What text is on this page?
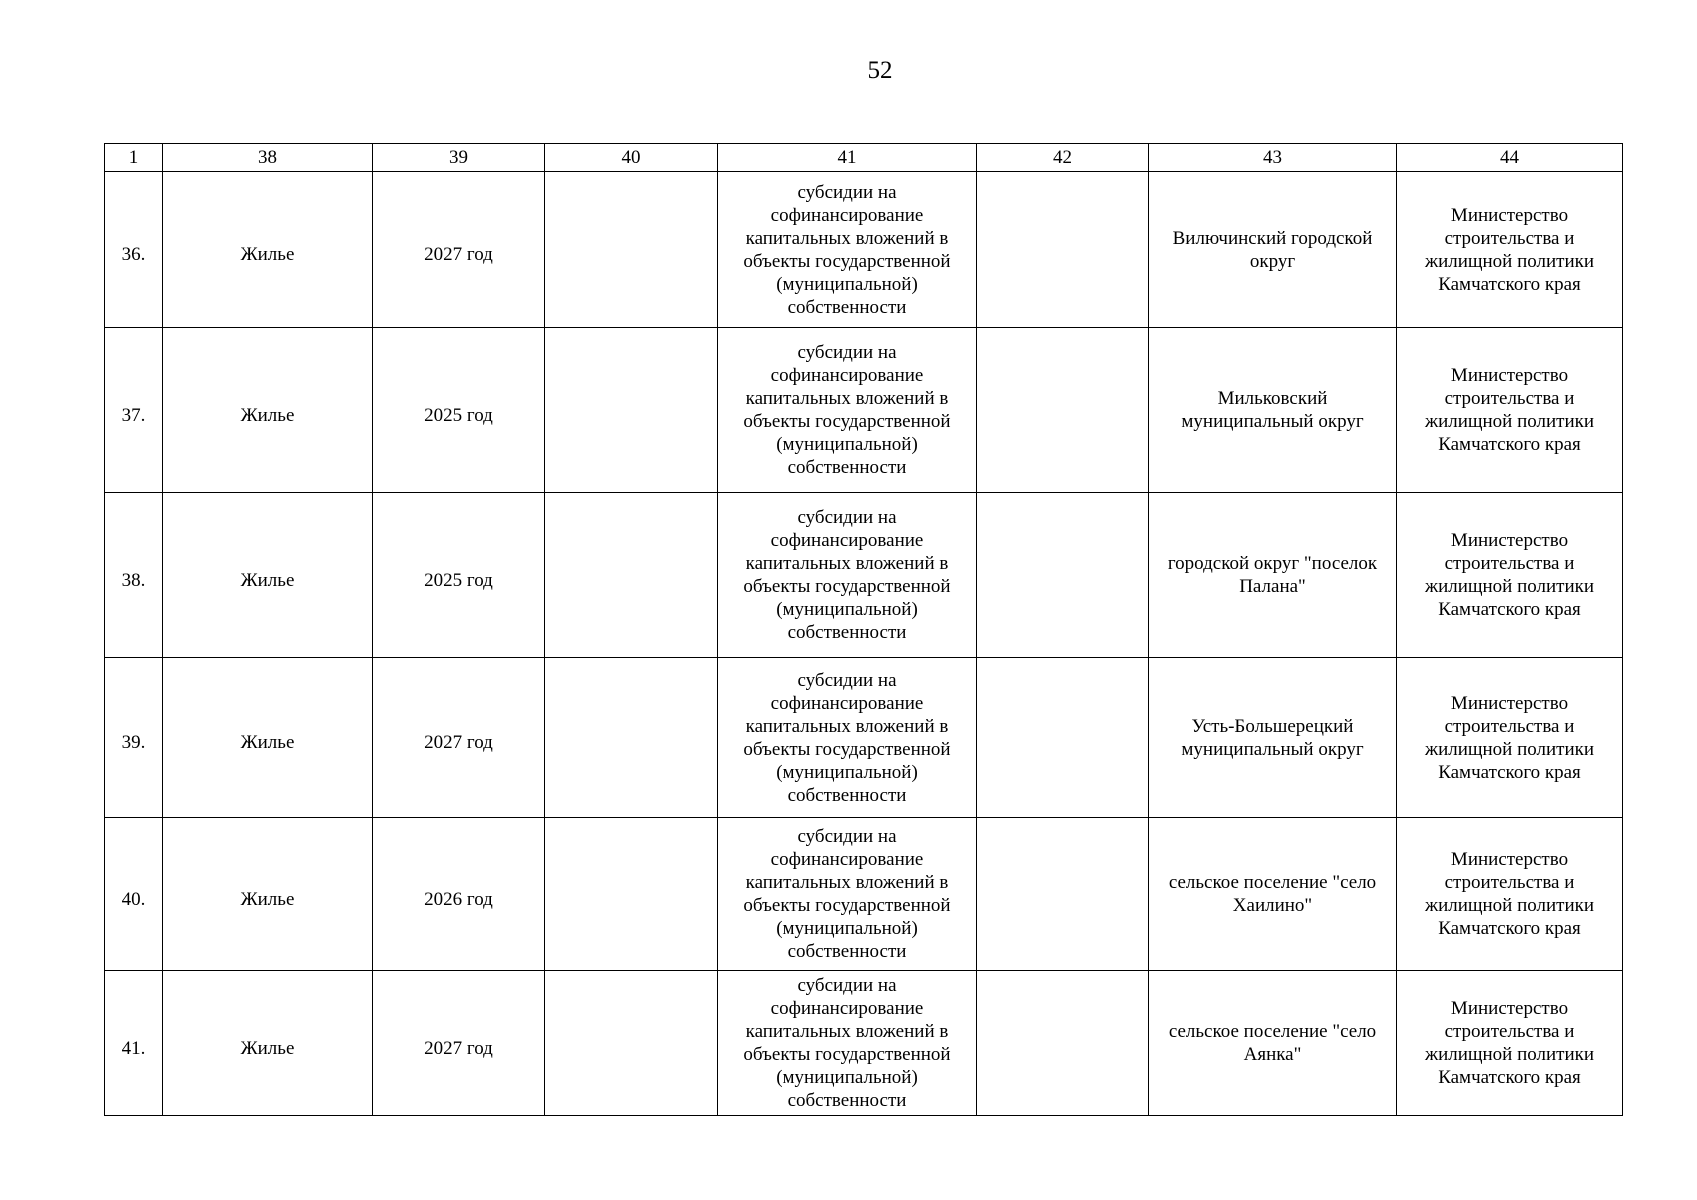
52
1	38	39	40	41	42	43	44
36.	Жилье	2027 год		субсидии на софинансирование капитальных вложений в объекты государственной (муниципальной) собственности		Вилючинский городской округ	Министерство строительства и жилищной политики Камчатского края
37.	Жилье	2025 год		субсидии на софинансирование капитальных вложений в объекты государственной (муниципальной) собственности		Мильковский муниципальный округ	Министерство строительства и жилищной политики Камчатского края
38.	Жилье	2025 год		субсидии на софинансирование капитальных вложений в объекты государственной (муниципальной) собственности		городской округ "поселок Палана"	Министерство строительства и жилищной политики Камчатского края
39.	Жилье	2027 год		субсидии на софинансирование капитальных вложений в объекты государственной (муниципальной) собственности		Усть-Большерецкий муниципальный округ	Министерство строительства и жилищной политики Камчатского края
40.	Жилье	2026 год		субсидии на софинансирование капитальных вложений в объекты государственной (муниципальной) собственности		сельское поселение "село Хаилино"	Министерство строительства и жилищной политики Камчатского края
41.	Жилье	2027 год		субсидии на софинансирование капитальных вложений в объекты государственной (муниципальной) собственности		сельское поселение "село Аянка"	Министерство строительства и жилищной политики Камчатского края
